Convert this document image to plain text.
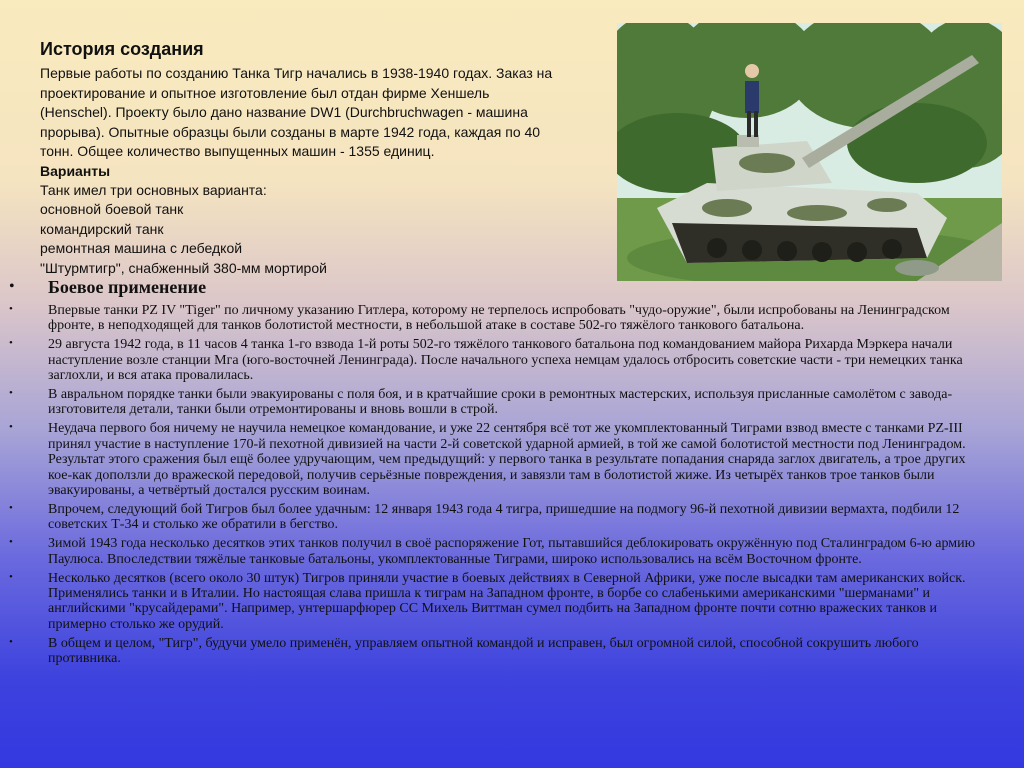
История создания
Первые работы по созданию Танка Тигр начались в 1938-1940 годах. Заказ на
проектирование и опытное изготовление был отдан фирме Хеншель
(Henschel). Проекту было дано название DW1 (Durchbruchwagen - машина
прорыва). Опытные образцы были созданы в марте 1942 года, каждая по 40
тонн. Общее количество выпущенных машин - 1355 единиц.
Варианты
Танк имел три основных варианта:
основной боевой танк
командирский танк
ремонтная машина с лебедкой
"Штурмтигр", снабженный 380-мм мортирой
• Боевое применение
•	Впервые танки PZ IV "Tiger" по личному указанию Гитлера, которому не терпелось испробовать "чудо-оружие", были испробованы на Ленинградском фронте, в неподходящей для танков болотистой местности, в небольшой атаке в составе 502-го тяжёлого танкового батальона.
•	29 августа 1942 года, в 11 часов 4 танка 1-го взвода 1-й роты 502-го тяжёлого танкового батальона под командованием майора Рихарда Мэркера начали наступление возле станции Мга (юго-восточней Ленинграда). После начального успеха немцам удалось отбросить советские части - три немецких танка заглохли, и вся атака провалилась.
•	В авральном порядке танки были эвакуированы с поля боя, и в кратчайшие сроки в ремонтных мастерских, используя присланные самолётом с завода-изготовителя детали, танки были отремонтированы и вновь вошли в строй.
•	Неудача первого боя ничему не научила немецкое командование, и уже 22 сентября всё тот же укомплектованный Тиграми взвод вместе с танками PZ-III принял участие в наступление 170-й пехотной дивизией на части 2-й советской ударной армией, в той же самой болотистой местности под Ленинградом. Результат этого сражения был ещё более удручающим, чем предыдущий: у первого танка в результате попадания снаряда заглох двигатель, а трое других кое-как доползли до вражеской передовой, получив серьёзные повреждения, и завязли там в болотистой жиже. Из четырёх танков трое танков были эвакуированы, а четвёртый достался русским воинам.
•	Впрочем, следующий бой Тигров был более удачным: 12 января 1943 года 4 тигра, пришедшие на подмогу 96-й пехотной дивизии вермахта, подбили 12 советских Т-34 и столько же обратили в бегство.
•	Зимой 1943 года несколько десятков этих танков получил в своё распоряжение Гот, пытавшийся деблокировать окружённую под Сталинградом 6-ю армию Паулюса. Впоследствии тяжёлые танковые батальоны, укомплектованные Тиграми, широко использовались на всём Восточном фронте.
•	Несколько десятков (всего около 30 штук) Тигров приняли участие в боевых действиях в Северной Африки, уже после высадки там американских войск. Применялись танки и в Италии. Но настоящая слава пришла к тиграм на Западном фронте, в борбе со слабенькими американскими "шерманами" и английскими "крусайдерами". Например, унтершарфюрер СС Михель Виттман сумел подбить на Западном фронте почти сотню вражеских танков и примерно столько же орудий.
•	В общем и целом, "Тигр", будучи умело применён, управляем опытной командой и исправен, был огромной силой, способной сокрушить любого противника.
